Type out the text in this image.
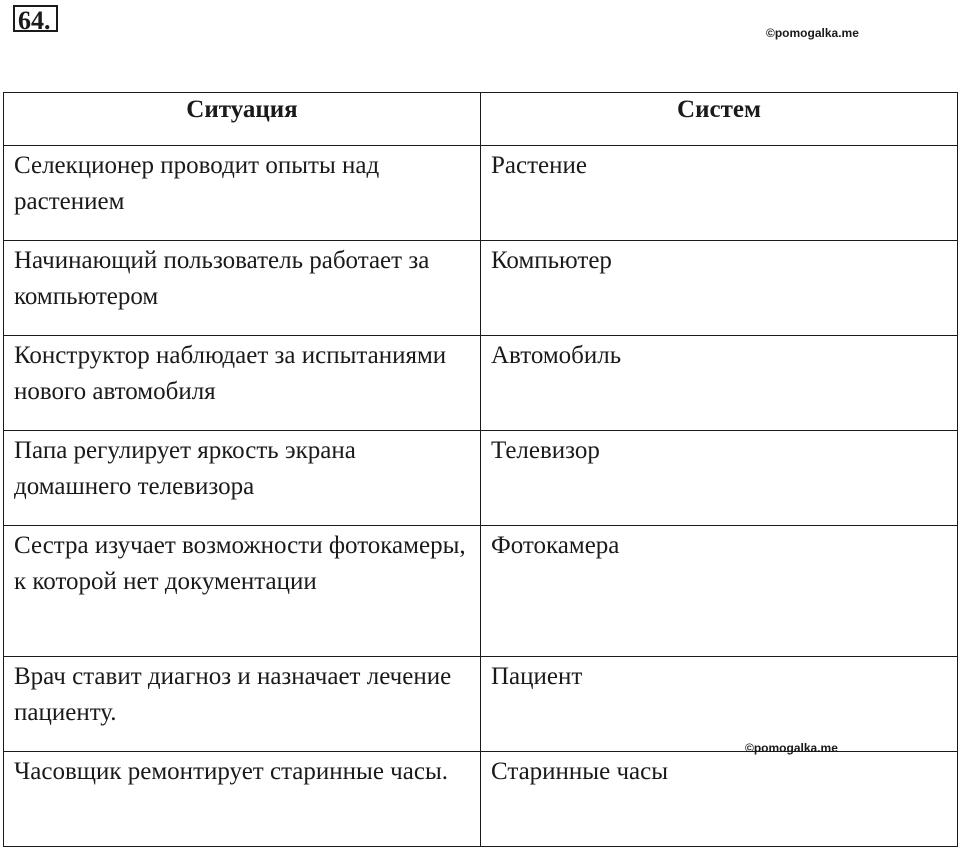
64.	©pomogalka.me
Ситуация	Систем
Селекционер проводит опыты над растением	Растение
Начинающий пользователь работает за компьютером	Компьютер
Конструктор наблюдает за испытаниями нового автомобиля	Автомобиль
Папа регулирует яркость экрана домашнего телевизора	Телевизор
Сестра изучает возможности фотокамеры, к которой нет документации	Фотокамера
Врач ставит диагноз и назначает лечение пациенту.	Пациент
Часовщик ремонтирует старинные часы.	Старинные часы
©pomogalka.me
